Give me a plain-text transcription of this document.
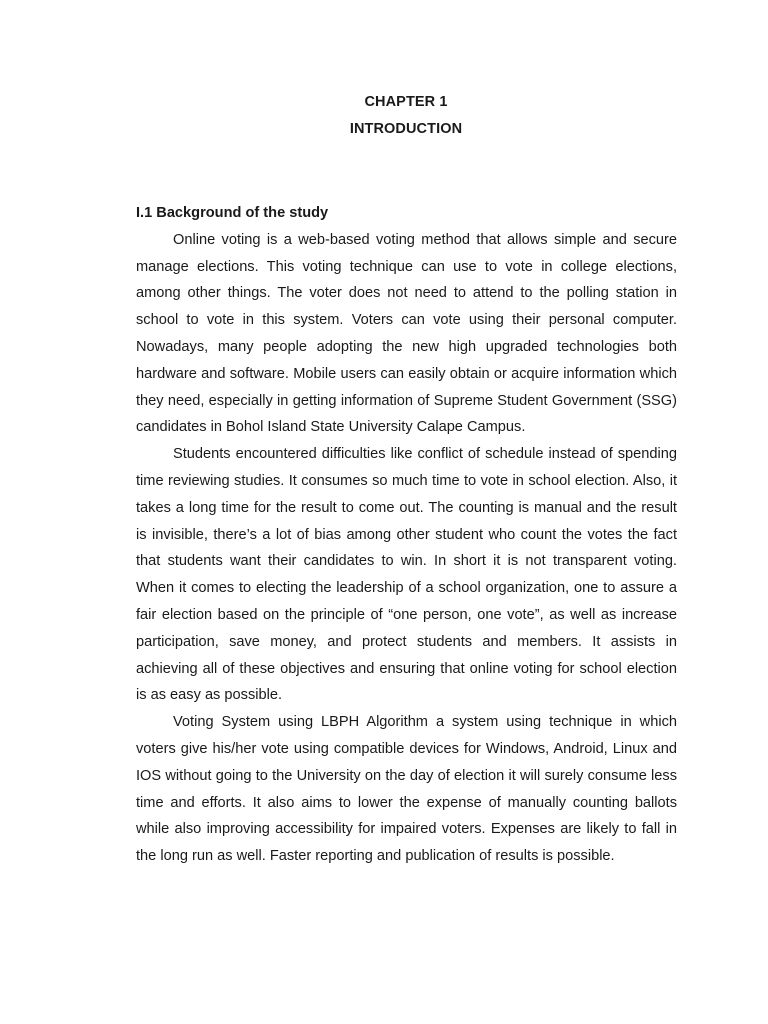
CHAPTER 1
INTRODUCTION

I.1 Background of the study

Online voting is a web-based voting method that allows simple and secure manage elections. This voting technique can use to vote in college elections, among other things. The voter does not need to attend to the polling station in school to vote in this system. Voters can vote using their personal computer. Nowadays, many people adopting the new high upgraded technologies both hardware and software. Mobile users can easily obtain or acquire information which they need, especially in getting information of Supreme Student Government (SSG) candidates in Bohol Island State University Calape Campus.

Students encountered difficulties like conflict of schedule instead of spending time reviewing studies. It consumes so much time to vote in school election. Also, it takes a long time for the result to come out. The counting is manual and the result is invisible, there’s a lot of bias among other student who count the votes the fact that students want their candidates to win. In short it is not transparent voting. When it comes to electing the leadership of a school organization, one to assure a fair election based on the principle of “one person, one vote”, as well as increase participation, save money, and protect students and members. It assists in achieving all of these objectives and ensuring that online voting for school election is as easy as possible.

Voting System using LBPH Algorithm a system using technique in which voters give his/her vote using compatible devices for Windows, Android, Linux and IOS without going to the University on the day of election it will surely consume less time and efforts. It also aims to lower the expense of manually counting ballots while also improving accessibility for impaired voters. Expenses are likely to fall in the long run as well. Faster reporting and publication of results is possible.
